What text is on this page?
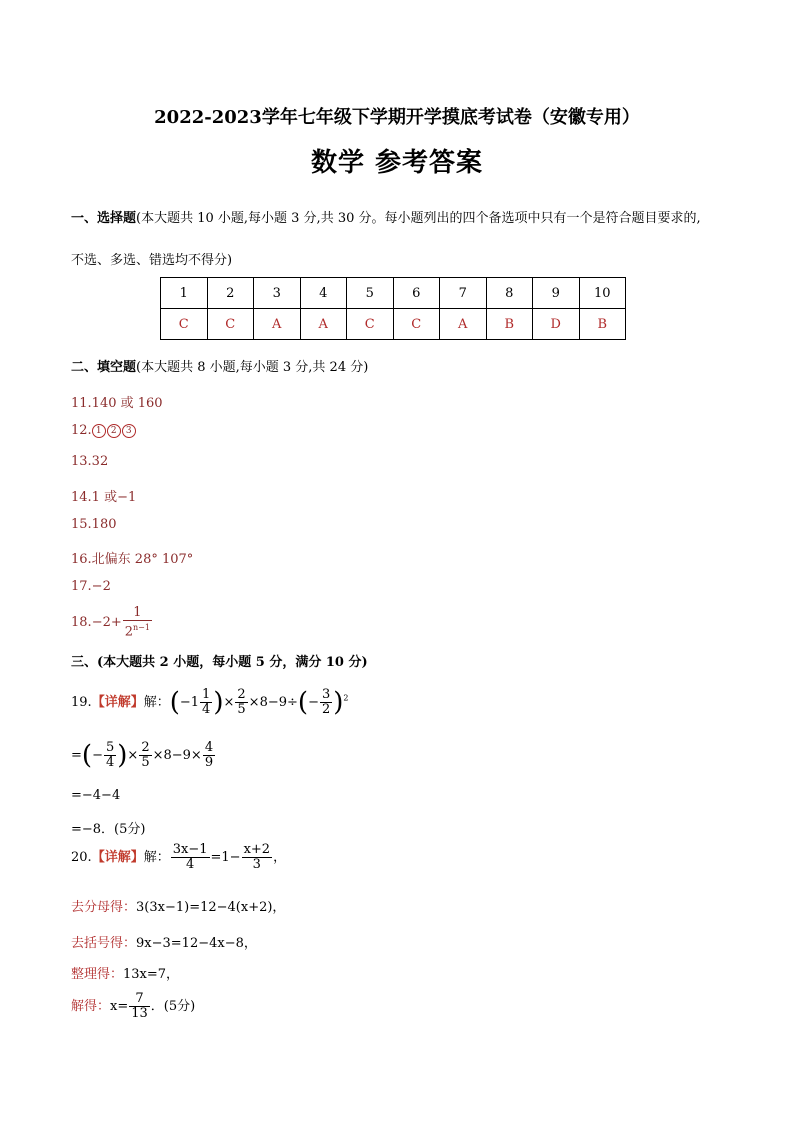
2022-2023学年七年级下学期开学摸底考试卷（安徽专用）
数学 参考答案
一、选择题(本大题共 10 小题,每小题 3 分,共 30 分。每小题列出的四个备选项中只有一个是符合题目要求的,
不选、多选、错选均不得分)
1	2	3	4	5	6	7	8	9	10
C	C	A	A	C	C	A	B	D	B
二、填空题(本大题共 8 小题,每小题 3 分,共 24 分)
11.140 或 160
12. 1 2 3
13.32
14.1 或−1
15.180
16.北偏东 28° 107°
17.−2
$18.-2+ \frac{1}{2^{n-1}}$
三、(本大题共 2 小题，每小题 5 分，满分 10 分)
19.【详解】解：($-1 \frac{1}{4}$ )× $\frac{2}{5} \times 8-9\div(- \frac{3}{2} )^2$
=(− $\frac{5}{4}$ )× $\frac{2}{5} \times 8-9\times \frac{4}{9}$
=−4−4
=−8．(5分)
20.【详解】解： $\frac{3x-1}{4} =1- \frac{x+2}{3}$ ，
去分母得：3(3x−1)=12−4(x+2)，
去括号得：9x−3=12−4x−8，
整理得：13x=7，
解得：$x= \frac{7}{13}$ ．(5分)
